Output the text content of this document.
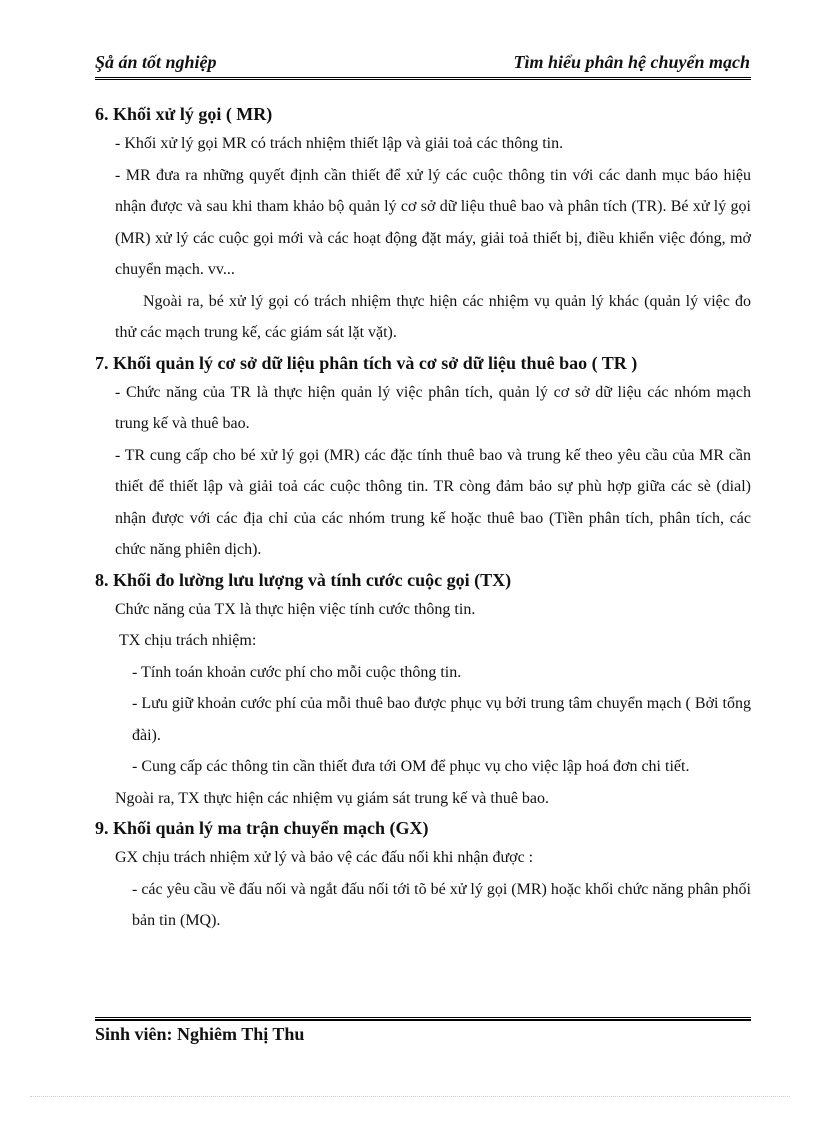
Şå án tốt nghiệp	Tìm hiểu phân hệ chuyển mạch

6. Khối xử lý gọi ( MR)

- Khối xử lý gọi MR có trách nhiệm thiết lập và giải toả các thông tin.

- MR đưa ra những quyết định cần thiết để xử lý các cuộc thông tin với các danh mục báo hiệu nhận được và sau khi tham khảo bộ quản lý cơ sở dữ liệu thuê bao và phân tích (TR). Bé xử lý gọi (MR) xử lý các cuộc gọi mới và các hoạt động đặt máy, giải toả thiết bị, điều khiển việc đóng, mở chuyển mạch. vv...

Ngoài ra, bé xử lý gọi có trách nhiệm thực hiện các nhiệm vụ quản lý khác (quản lý việc đo thử các mạch trung kế, các giám sát lặt vặt).

7. Khối quản lý cơ sở dữ liệu phân tích và cơ sở dữ liệu thuê bao ( TR )

- Chức năng của TR là thực hiện quản lý việc phân tích, quản lý cơ sở dữ liệu các nhóm mạch trung kế và thuê bao.

- TR cung cấp cho bé xử lý gọi (MR) các đặc tính thuê bao và trung kế theo yêu cầu của MR cần thiết để thiết lập và giải toả các cuộc thông tin. TR còng đảm bảo sự phù hợp giữa các sè (dial) nhận được với các địa chỉ của các nhóm trung kế hoặc thuê bao (Tiền phân tích, phân tích, các chức năng phiên dịch).

8. Khối đo lường lưu lượng và tính cước cuộc gọi (TX)

Chức năng của TX là thực hiện việc tính cước thông tin.

TX chịu trách nhiệm:

- Tính toán khoản cước phí cho mỗi cuộc thông tin.

- Lưu giữ khoản cước phí của mỗi thuê bao được phục vụ bởi trung tâm chuyển mạch ( Bởi tổng đài).

- Cung cấp các thông tin cần thiết đưa tới OM để phục vụ cho việc lập hoá đơn chi tiết.

Ngoài ra, TX thực hiện các nhiệm vụ giám sát trung kế và thuê bao.

9. Khối quản lý ma trận chuyển mạch (GX)

GX chịu trách nhiệm xử lý và bảo vệ các đấu nối khi nhận được :

- các yêu cầu về đấu nối và ngắt đấu nối tới tõ bé xử lý gọi (MR) hoặc khối chức năng phân phối bản tin (MQ).

Sinh viên: Nghiêm Thị Thu
